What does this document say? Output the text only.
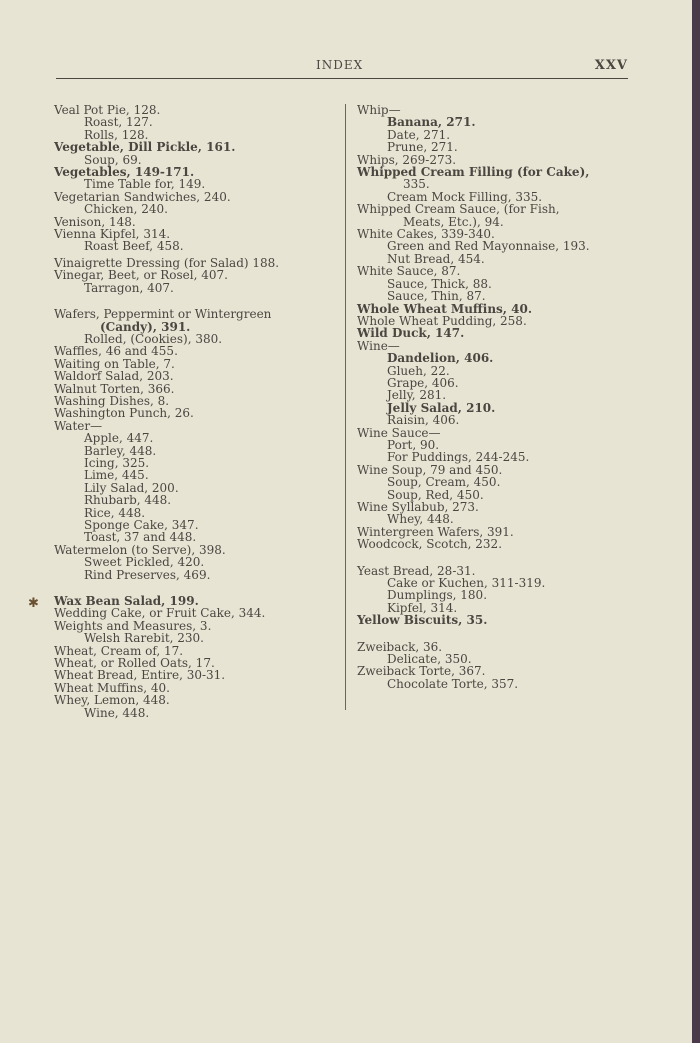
INDEX	XXV
Veal Pot Pie, 128.
Roast, 127.
Rolls, 128.
Vegetable, Dill Pickle, 161.
Soup, 69.
Vegetables, 149-171.
Time Table for, 149.
Vegetarian Sandwiches, 240.
Chicken, 240.
Venison, 148.
Vienna Kipfel, 314.
Roast Beef, 458.
Vinaigrette Dressing (for Salad) 188.
Vinegar, Beet, or Rosel, 407.
Tarragon, 407.
Wafers, Peppermint or Wintergreen
(Candy), 391.
Rolled, (Cookies), 380.
Waffles, 46 and 455.
Waiting on Table, 7.
Waldorf Salad, 203.
Walnut Torten, 366.
Washing Dishes, 8.
Washington Punch, 26.
Water—
Apple, 447.
Barley, 448.
Icing, 325.
Lime, 445.
Lily Salad, 200.
Rhubarb, 448.
Rice, 448.
Sponge Cake, 347.
Toast, 37 and 448.
Watermelon (to Serve), 398.
Sweet Pickled, 420.
Rind Preserves, 469.
Wax Bean Salad, 199.
Wedding Cake, or Fruit Cake, 344.
Weights and Measures, 3.
Welsh Rarebit, 230.
Wheat, Cream of, 17.
Wheat, or Rolled Oats, 17.
Wheat Bread, Entire, 30-31.
Wheat Muffins, 40.
Whey, Lemon, 448.
Wine, 448.
Whip—
Banana, 271.
Date, 271.
Prune, 271.
Whips, 269-273.
Whipped Cream Filling (for Cake),
335.
Cream Mock Filling, 335.
Whipped Cream Sauce, (for Fish,
Meats, Etc.), 94.
White Cakes, 339-340.
Green and Red Mayonnaise, 193.
Nut Bread, 454.
White Sauce, 87.
Sauce, Thick, 88.
Sauce, Thin, 87.
Whole Wheat Muffins, 40.
Whole Wheat Pudding, 258.
Wild Duck, 147.
Wine—
Dandelion, 406.
Glueh, 22.
Grape, 406.
Jelly, 281.
Jelly Salad, 210.
Raisin, 406.
Wine Sauce—
Port, 90.
For Puddings, 244-245.
Wine Soup, 79 and 450.
Soup, Cream, 450.
Soup, Red, 450.
Wine Syllabub, 273.
Whey, 448.
Wintergreen Wafers, 391.
Woodcock, Scotch, 232.
Yeast Bread, 28-31.
Cake or Kuchen, 311-319.
Dumplings, 180.
Kipfel, 314.
Yellow Biscuits, 35.
Zweiback, 36.
Delicate, 350.
Zweiback Torte, 367.
Chocolate Torte, 357.
✱
